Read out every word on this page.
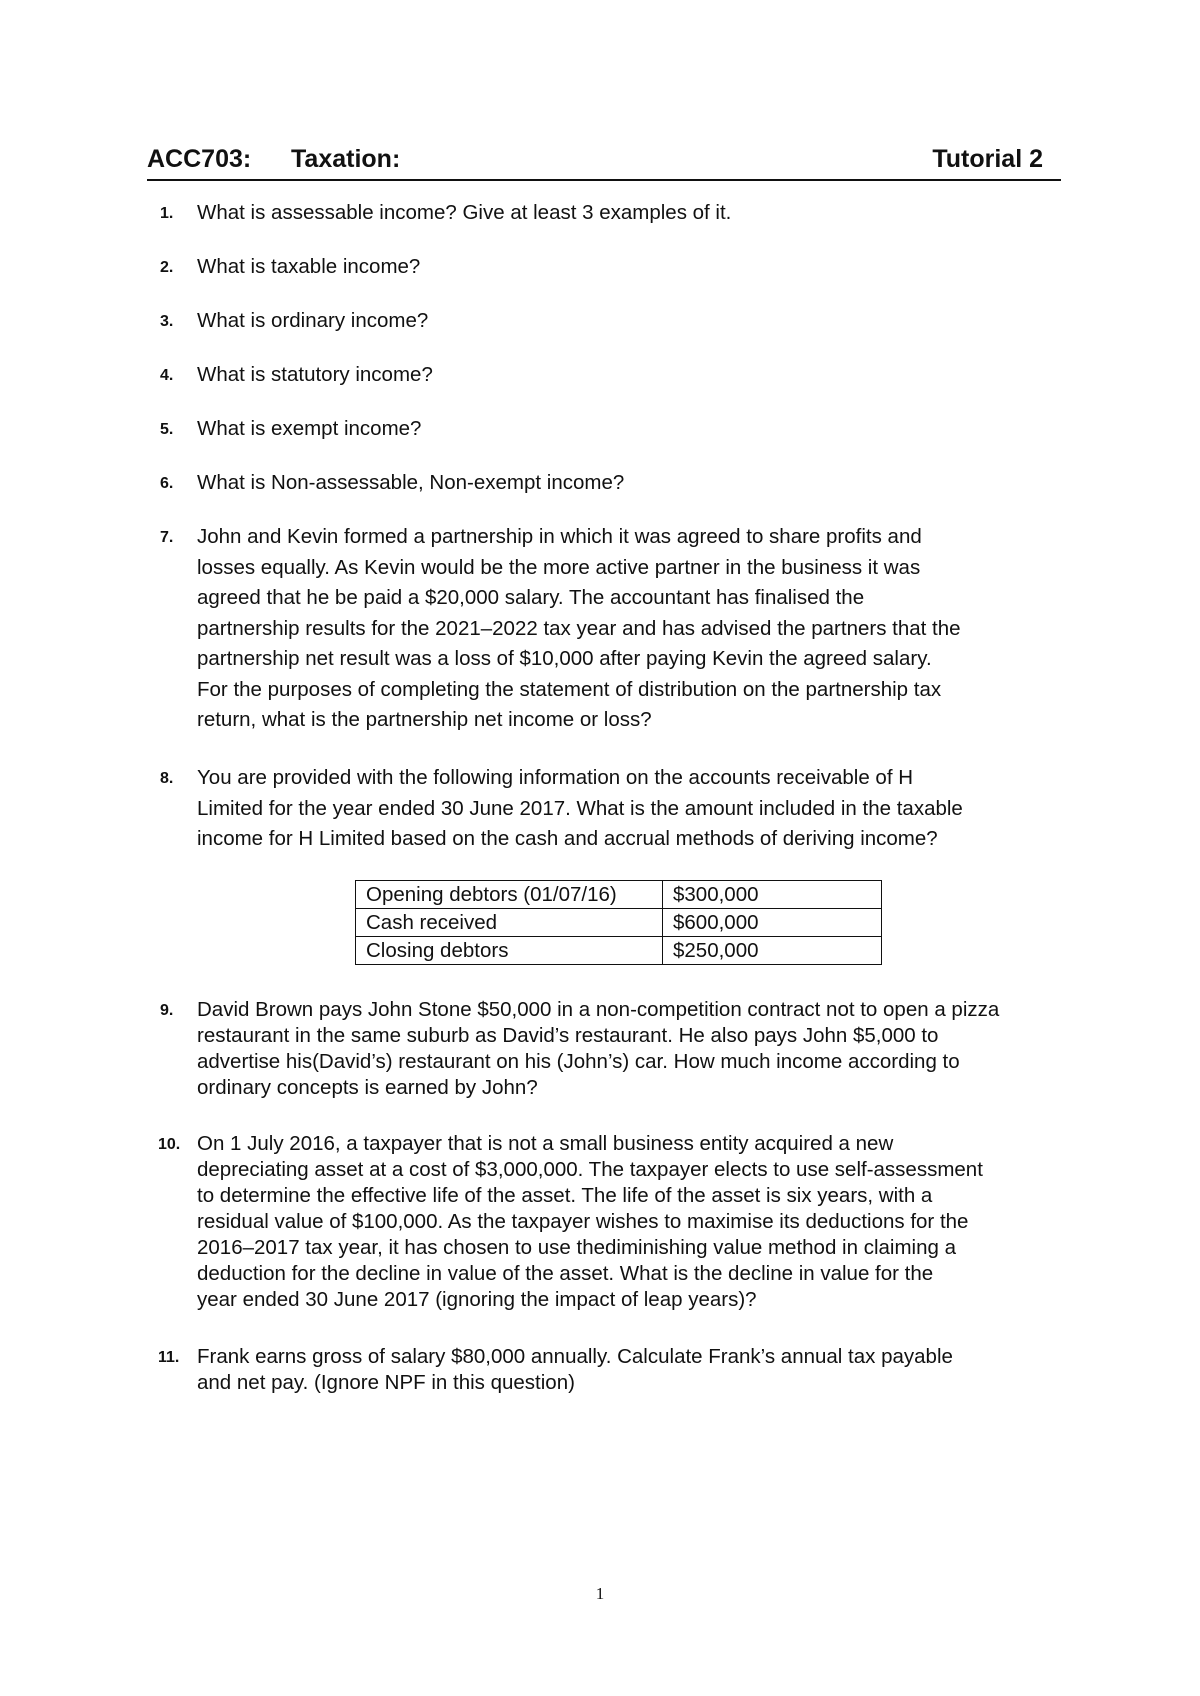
ACC703: Taxation:	Tutorial 2
1. What is assessable income? Give at least 3 examples of it.
2. What is taxable income?
3. What is ordinary income?
4. What is statutory income?
5. What is exempt income?
6. What is Non-assessable, Non-exempt income?
7. John and Kevin formed a partnership in which it was agreed to share profits and
losses equally. As Kevin would be the more active partner in the business it was
agreed that he be paid a $20,000 salary. The accountant has finalised the
partnership results for the 2021–2022 tax year and has advised the partners that the
partnership net result was a loss of $10,000 after paying Kevin the agreed salary.
For the purposes of completing the statement of distribution on the partnership tax
return, what is the partnership net income or loss?
8. You are provided with the following information on the accounts receivable of H
Limited for the year ended 30 June 2017. What is the amount included in the taxable
income for H Limited based on the cash and accrual methods of deriving income?
Opening debtors (01/07/16)	$300,000
Cash received	$600,000
Closing debtors	$250,000
9. David Brown pays John Stone $50,000 in a non-competition contract not to open a pizza
restaurant in the same suburb as David’s restaurant. He also pays John $5,000 to
advertise his(David’s) restaurant on his (John’s) car. How much income according to
ordinary concepts is earned by John?
10. On 1 July 2016, a taxpayer that is not a small business entity acquired a new
depreciating asset at a cost of $3,000,000. The taxpayer elects to use self-assessment
to determine the effective life of the asset. The life of the asset is six years, with a
residual value of $100,000. As the taxpayer wishes to maximise its deductions for the
2016–2017 tax year, it has chosen to use thediminishing value method in claiming a
deduction for the decline in value of the asset. What is the decline in value for the
year ended 30 June 2017 (ignoring the impact of leap years)?
11. Frank earns gross of salary $80,000 annually. Calculate Frank’s annual tax payable
and net pay. (Ignore NPF in this question)
1
